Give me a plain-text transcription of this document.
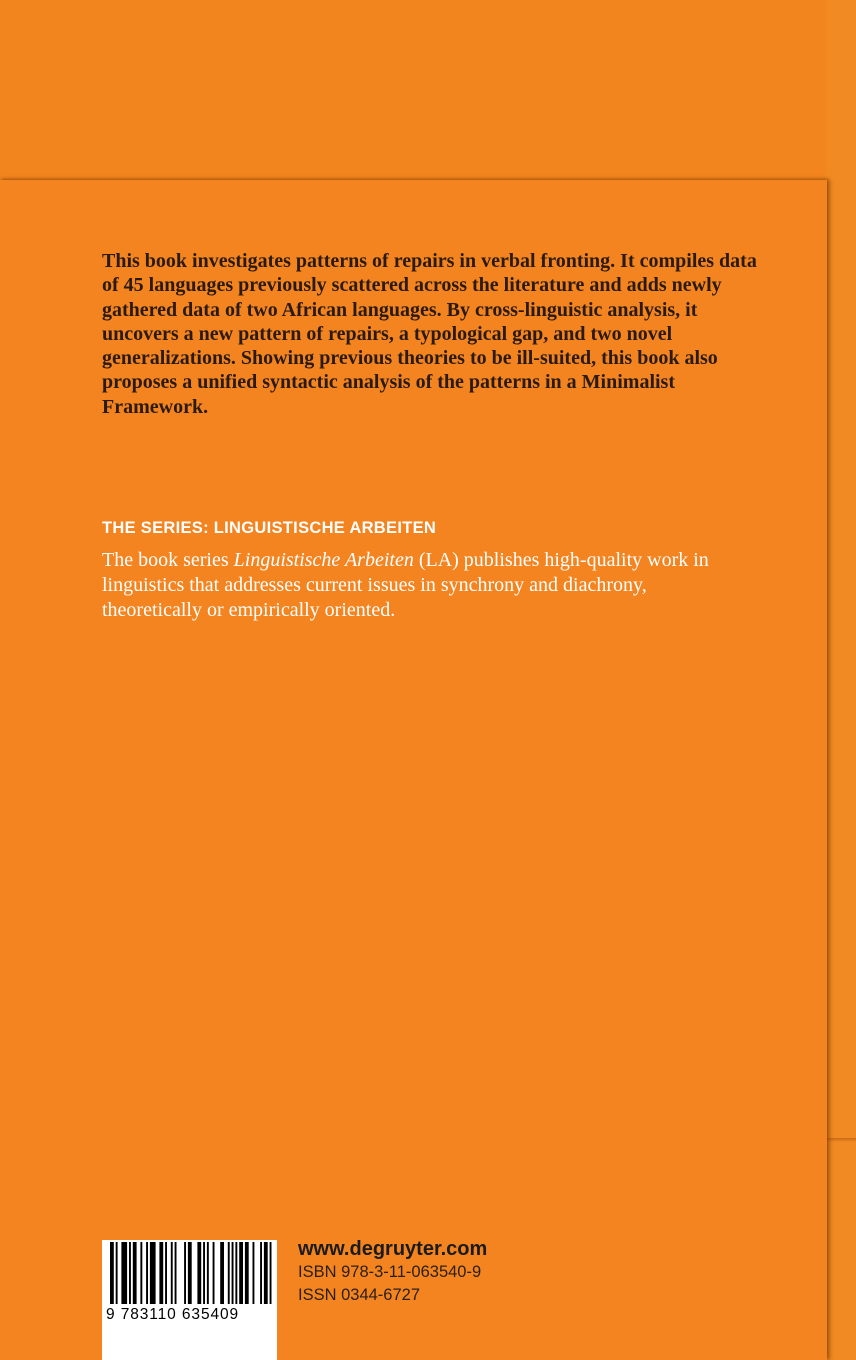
This book investigates patterns of repairs in verbal fronting. It compiles data of 45 languages previously scattered across the literature and adds newly gathered data of two African languages. By cross-linguistic analysis, it uncovers a new pattern of repairs, a typological gap, and two novel generalizations. Showing previous theories to be ill-suited, this book also proposes a unified syntactic analysis of the patterns in a Minimalist Framework.

THE SERIES: LINGUISTISCHE ARBEITEN

The book series Linguistische Arbeiten (LA) publishes high-quality work in linguistics that addresses current issues in synchrony and diachrony, theoretically or empirically oriented.

9 783110 635409
www.degruyter.com
ISBN 978-3-11-063540-9
ISSN 0344-6727
